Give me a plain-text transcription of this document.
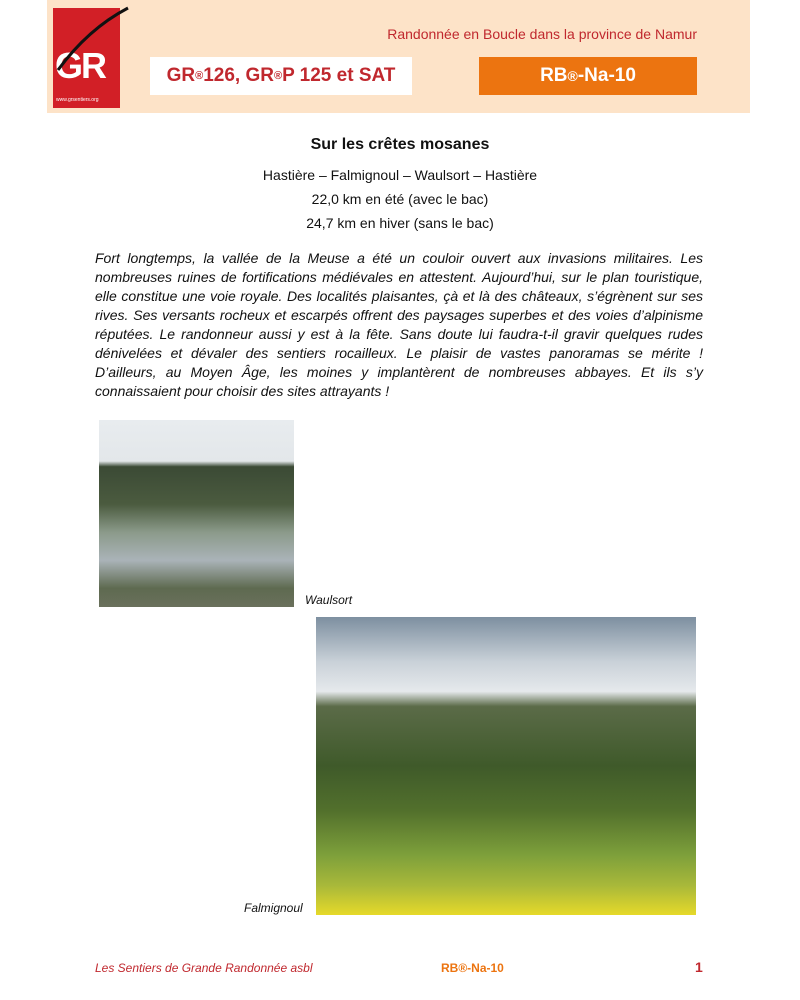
GR
www.grsentiers.org
Randonnée en Boucle dans la province de Namur
GR ® 126, GR ® P 125 et SAT	RB ® -Na-10
Sur les crêtes mosanes
Hastière – Falmignoul – Waulsort – Hastière
22,0 km en été (avec le bac)
24,7 km en hiver (sans le bac)
Fort longtemps, la vallée de la Meuse a été un couloir ouvert aux invasions militaires. Les nombreuses ruines de fortifications médiévales en attestent. Aujourd’hui, sur le plan touristique, elle constitue une voie royale. Des localités plaisantes, çà et là des châteaux, s’égrènent sur ses rives. Ses versants rocheux et escarpés offrent des paysages superbes et des voies d’alpinisme réputées. Le randonneur aussi y est à la fête. Sans doute lui faudra-t-il gravir quelques rudes dénivelées et dévaler des sentiers rocailleux. Le plaisir de vastes panoramas se mérite ! D’ailleurs, au Moyen Âge, les moines y implantèrent de nombreuses abbayes. Et ils s’y connaissaient pour choisir des sites attrayants !
Waulsort
Falmignoul
Les Sentiers de Grande Randonnée asbl	RB®-Na-10	1
